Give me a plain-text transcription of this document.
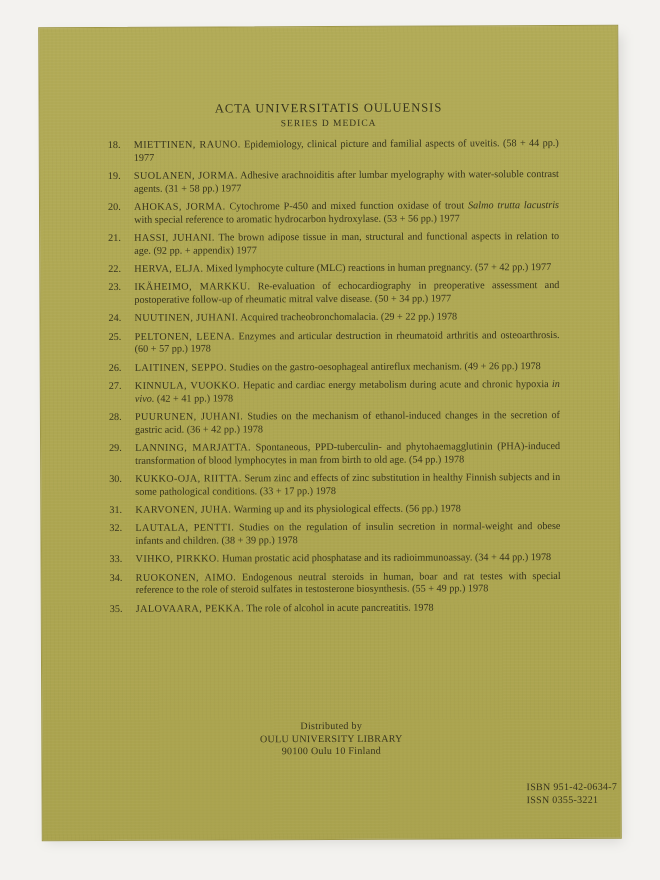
ACTA UNIVERSITATIS OULUENSIS
SERIES D MEDICA
18. MIETTINEN, RAUNO. Epidemiology, clinical picture and familial aspects of uveitis. (58 + 44 pp.) 1977
19. SUOLANEN, JORMA. Adhesive arachnoiditis after lumbar myelography with water-soluble contrast agents. (31 + 58 pp.) 1977
20. AHOKAS, JORMA. Cytochrome P-450 and mixed function oxidase of trout Salmo trutta lacustris with special reference to aromatic hydrocarbon hydroxylase. (53 + 56 pp.) 1977
21. HASSI, JUHANI. The brown adipose tissue in man, structural and functional aspects in relation to age. (92 pp. + appendix) 1977
22. HERVA, ELJA. Mixed lymphocyte culture (MLC) reactions in human pregnancy. (57 + 42 pp.) 1977
23. IKÄHEIMO, MARKKU. Re-evaluation of echocardiography in preoperative assessment and postoperative follow-up of rheumatic mitral valve disease. (50 + 34 pp.) 1977
24. NUUTINEN, JUHANI. Acquired tracheobronchomalacia. (29 + 22 pp.) 1978
25. PELTONEN, LEENA. Enzymes and articular destruction in rheumatoid arthritis and osteoarthrosis. (60 + 57 pp.) 1978
26. LAITINEN, SEPPO. Studies on the gastro-oesophageal antireflux mechanism. (49 + 26 pp.) 1978
27. KINNULA, VUOKKO. Hepatic and cardiac energy metabolism during acute and chronic hypoxia in vivo. (42 + 41 pp.) 1978
28. PUURUNEN, JUHANI. Studies on the mechanism of ethanol-induced changes in the secretion of gastric acid. (36 + 42 pp.) 1978
29. LANNING, MARJATTA. Spontaneous, PPD-tuberculin- and phytohaemagglutinin (PHA)-induced transformation of blood lymphocytes in man from birth to old age. (54 pp.) 1978
30. KUKKO-OJA, RIITTA. Serum zinc and effects of zinc substitution in healthy Finnish subjects and in some pathological conditions. (33 + 17 pp.) 1978
31. KARVONEN, JUHA. Warming up and its physiological effects. (56 pp.) 1978
32. LAUTALA, PENTTI. Studies on the regulation of insulin secretion in normal-weight and obese infants and children. (38 + 39 pp.) 1978
33. VIHKO, PIRKKO. Human prostatic acid phosphatase and its radioimmunoassay. (34 + 44 pp.) 1978
34. RUOKONEN, AIMO. Endogenous neutral steroids in human, boar and rat testes with special reference to the role of steroid sulfates in testosterone biosynthesis. (55 + 49 pp.) 1978
35. JALOVAARA, PEKKA. The role of alcohol in acute pancreatitis. 1978
Distributed by
OULU UNIVERSITY LIBRARY
90100 Oulu 10 Finland
ISBN 951-42-0634-7
ISSN 0355-3221
